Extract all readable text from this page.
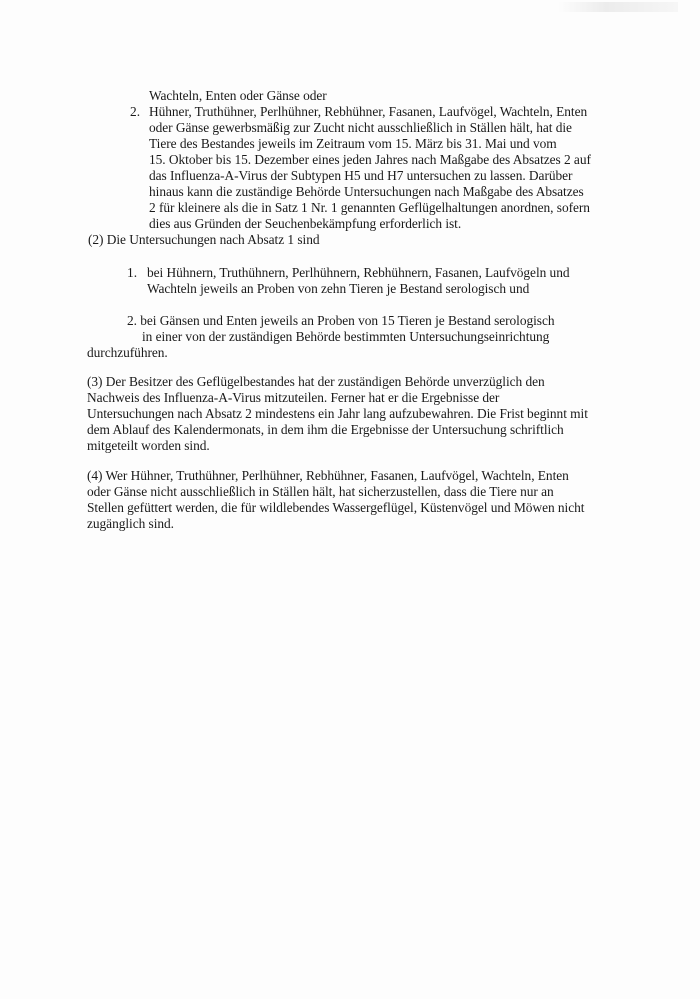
Wachteln, Enten oder Gänse oder
2. Hühner, Truthühner, Perlhühner, Rebhühner, Fasanen, Laufvögel, Wachteln, Enten
oder Gänse gewerbsmäßig zur Zucht nicht ausschließlich in Ställen hält, hat die
Tiere des Bestandes jeweils im Zeitraum vom 15. März bis 31. Mai und vom
15. Oktober bis 15. Dezember eines jeden Jahres nach Maßgabe des Absatzes 2 auf
das Influenza-A-Virus der Subtypen H5 und H7 untersuchen zu lassen. Darüber
hinaus kann die zuständige Behörde Untersuchungen nach Maßgabe des Absatzes
2 für kleinere als die in Satz 1 Nr. 1 genannten Geflügelhaltungen anordnen, sofern
dies aus Gründen der Seuchenbekämpfung erforderlich ist.
(2) Die Untersuchungen nach Absatz 1 sind
1. bei Hühnern, Truthühnern, Perlhühnern, Rebhühnern, Fasanen, Laufvögeln und
Wachteln jeweils an Proben von zehn Tieren je Bestand serologisch und
2. bei Gänsen und Enten jeweils an Proben von 15 Tieren je Bestand serologisch
in einer von der zuständigen Behörde bestimmten Untersuchungseinrichtung
durchzuführen.
(3) Der Besitzer des Geflügelbestandes hat der zuständigen Behörde unverzüglich den
Nachweis des Influenza-A-Virus mitzuteilen. Ferner hat er die Ergebnisse der
Untersuchungen nach Absatz 2 mindestens ein Jahr lang aufzubewahren. Die Frist beginnt mit
dem Ablauf des Kalendermonats, in dem ihm die Ergebnisse der Untersuchung schriftlich
mitgeteilt worden sind.
(4) Wer Hühner, Truthühner, Perlhühner, Rebhühner, Fasanen, Laufvögel, Wachteln, Enten
oder Gänse nicht ausschließlich in Ställen hält, hat sicherzustellen, dass die Tiere nur an
Stellen gefüttert werden, die für wildlebendes Wassergeflügel, Küstenvögel und Möwen nicht
zugänglich sind.
